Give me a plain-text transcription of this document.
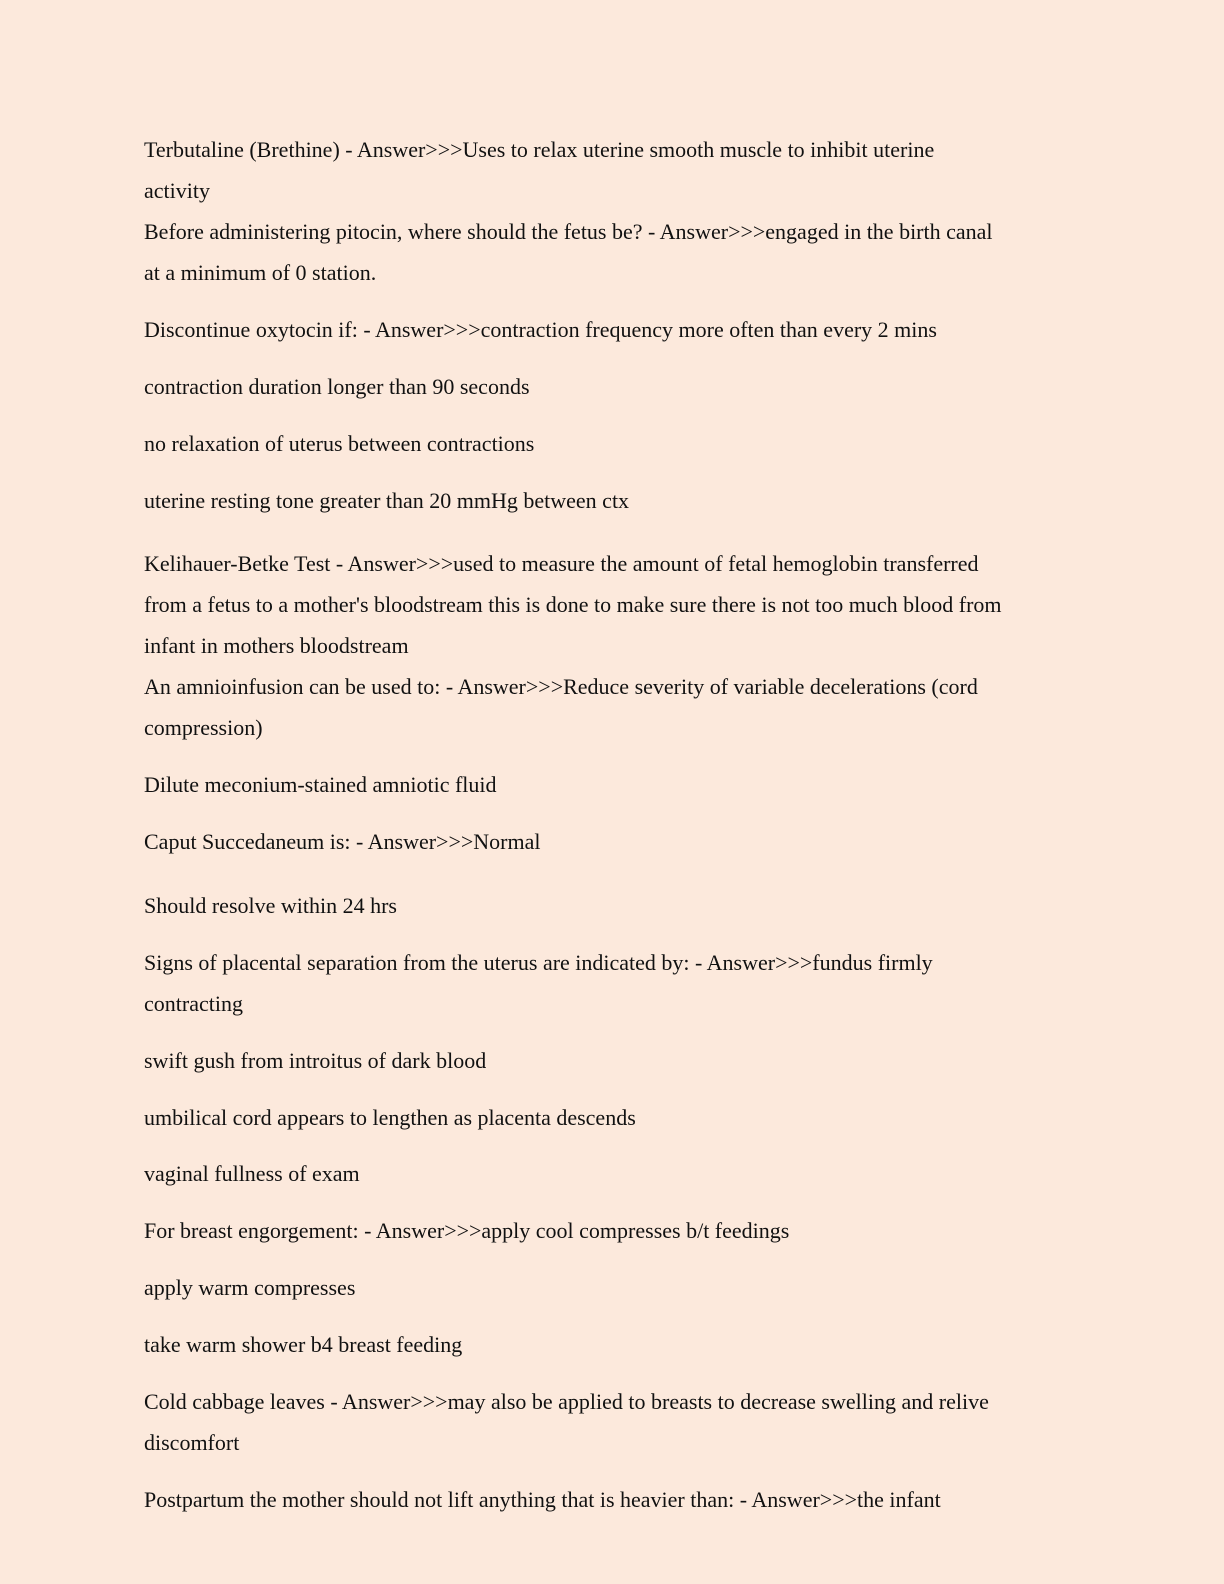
Terbutaline (Brethine) - Answer>>>Uses to relax uterine smooth muscle to inhibit uterine

activity

Before administering pitocin, where should the fetus be? - Answer>>>engaged in the birth canal

at a minimum of 0 station.

Discontinue oxytocin if: - Answer>>>contraction frequency more often than every 2 mins

contraction duration longer than 90 seconds

no relaxation of uterus between contractions

uterine resting tone greater than 20 mmHg between ctx

Kelihauer-Betke Test - Answer>>>used to measure the amount of fetal hemoglobin transferred

from a fetus to a mother's bloodstream this is done to make sure there is not too much blood from

infant in mothers bloodstream

An amnioinfusion can be used to: - Answer>>>Reduce severity of variable decelerations (cord

compression)

Dilute meconium-stained amniotic fluid

Caput Succedaneum is: - Answer>>>Normal

Should resolve within 24 hrs

Signs of placental separation from the uterus are indicated by: - Answer>>>fundus firmly

contracting

swift gush from introitus of dark blood

umbilical cord appears to lengthen as placenta descends

vaginal fullness of exam

For breast engorgement: - Answer>>>apply cool compresses b/t feedings

apply warm compresses

take warm shower b4 breast feeding

Cold cabbage leaves - Answer>>>may also be applied to breasts to decrease swelling and relive

discomfort

Postpartum the mother should not lift anything that is heavier than: - Answer>>>the infant
